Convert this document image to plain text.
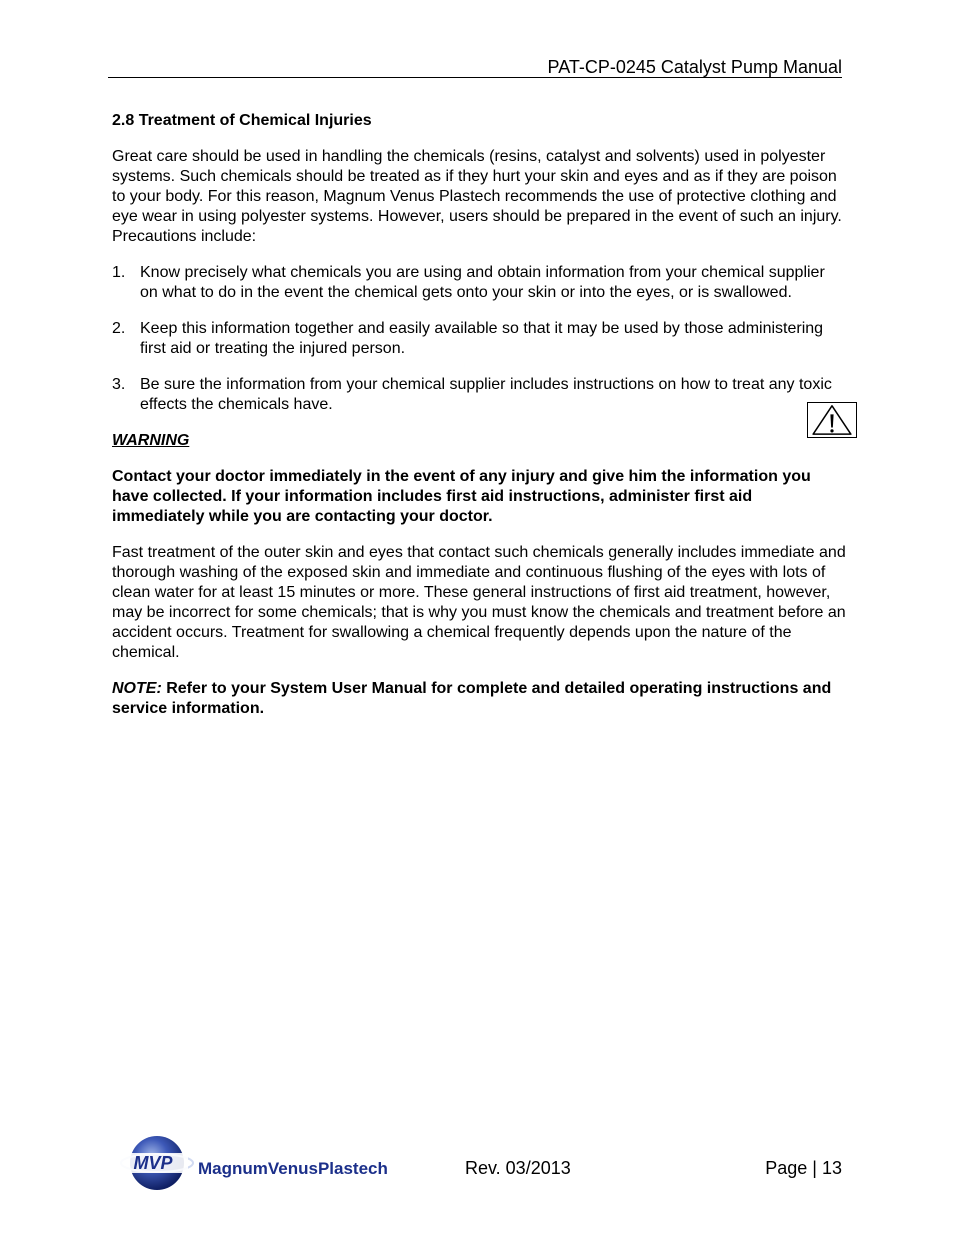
PAT-CP-0245 Catalyst Pump Manual
2.8 Treatment of Chemical Injuries
Great care should be used in handling the chemicals (resins, catalyst and solvents) used in polyester systems. Such chemicals should be treated as if they hurt your skin and eyes and as if they are poison to your body. For this reason, Magnum Venus Plastech recommends the use of protective clothing and eye wear in using polyester systems. However, users should be prepared in the event of such an injury. Precautions include:
1. Know precisely what chemicals you are using and obtain information from your chemical supplier on what to do in the event the chemical gets onto your skin or into the eyes, or is swallowed.
2. Keep this information together and easily available so that it may be used by those administering first aid or treating the injured person.
3. Be sure the information from your chemical supplier includes instructions on how to treat any toxic effects the chemicals have.
WARNING
Contact your doctor immediately in the event of any injury and give him the information you have collected. If your information includes first aid instructions, administer first aid immediately while you are contacting your doctor.
Fast treatment of the outer skin and eyes that contact such chemicals generally includes immediate and thorough washing of the exposed skin and immediate and continuous flushing of the eyes with lots of clean water for at least 15 minutes or more. These general instructions of first aid treatment, however, may be incorrect for some chemicals; that is why you must know the chemicals and treatment before an accident occurs. Treatment for swallowing a chemical frequently depends upon the nature of the chemical.
NOTE: Refer to your System User Manual for complete and detailed operating instructions and service information.
MVP MagnumVenusPlastech	Rev. 03/2013	Page | 13
